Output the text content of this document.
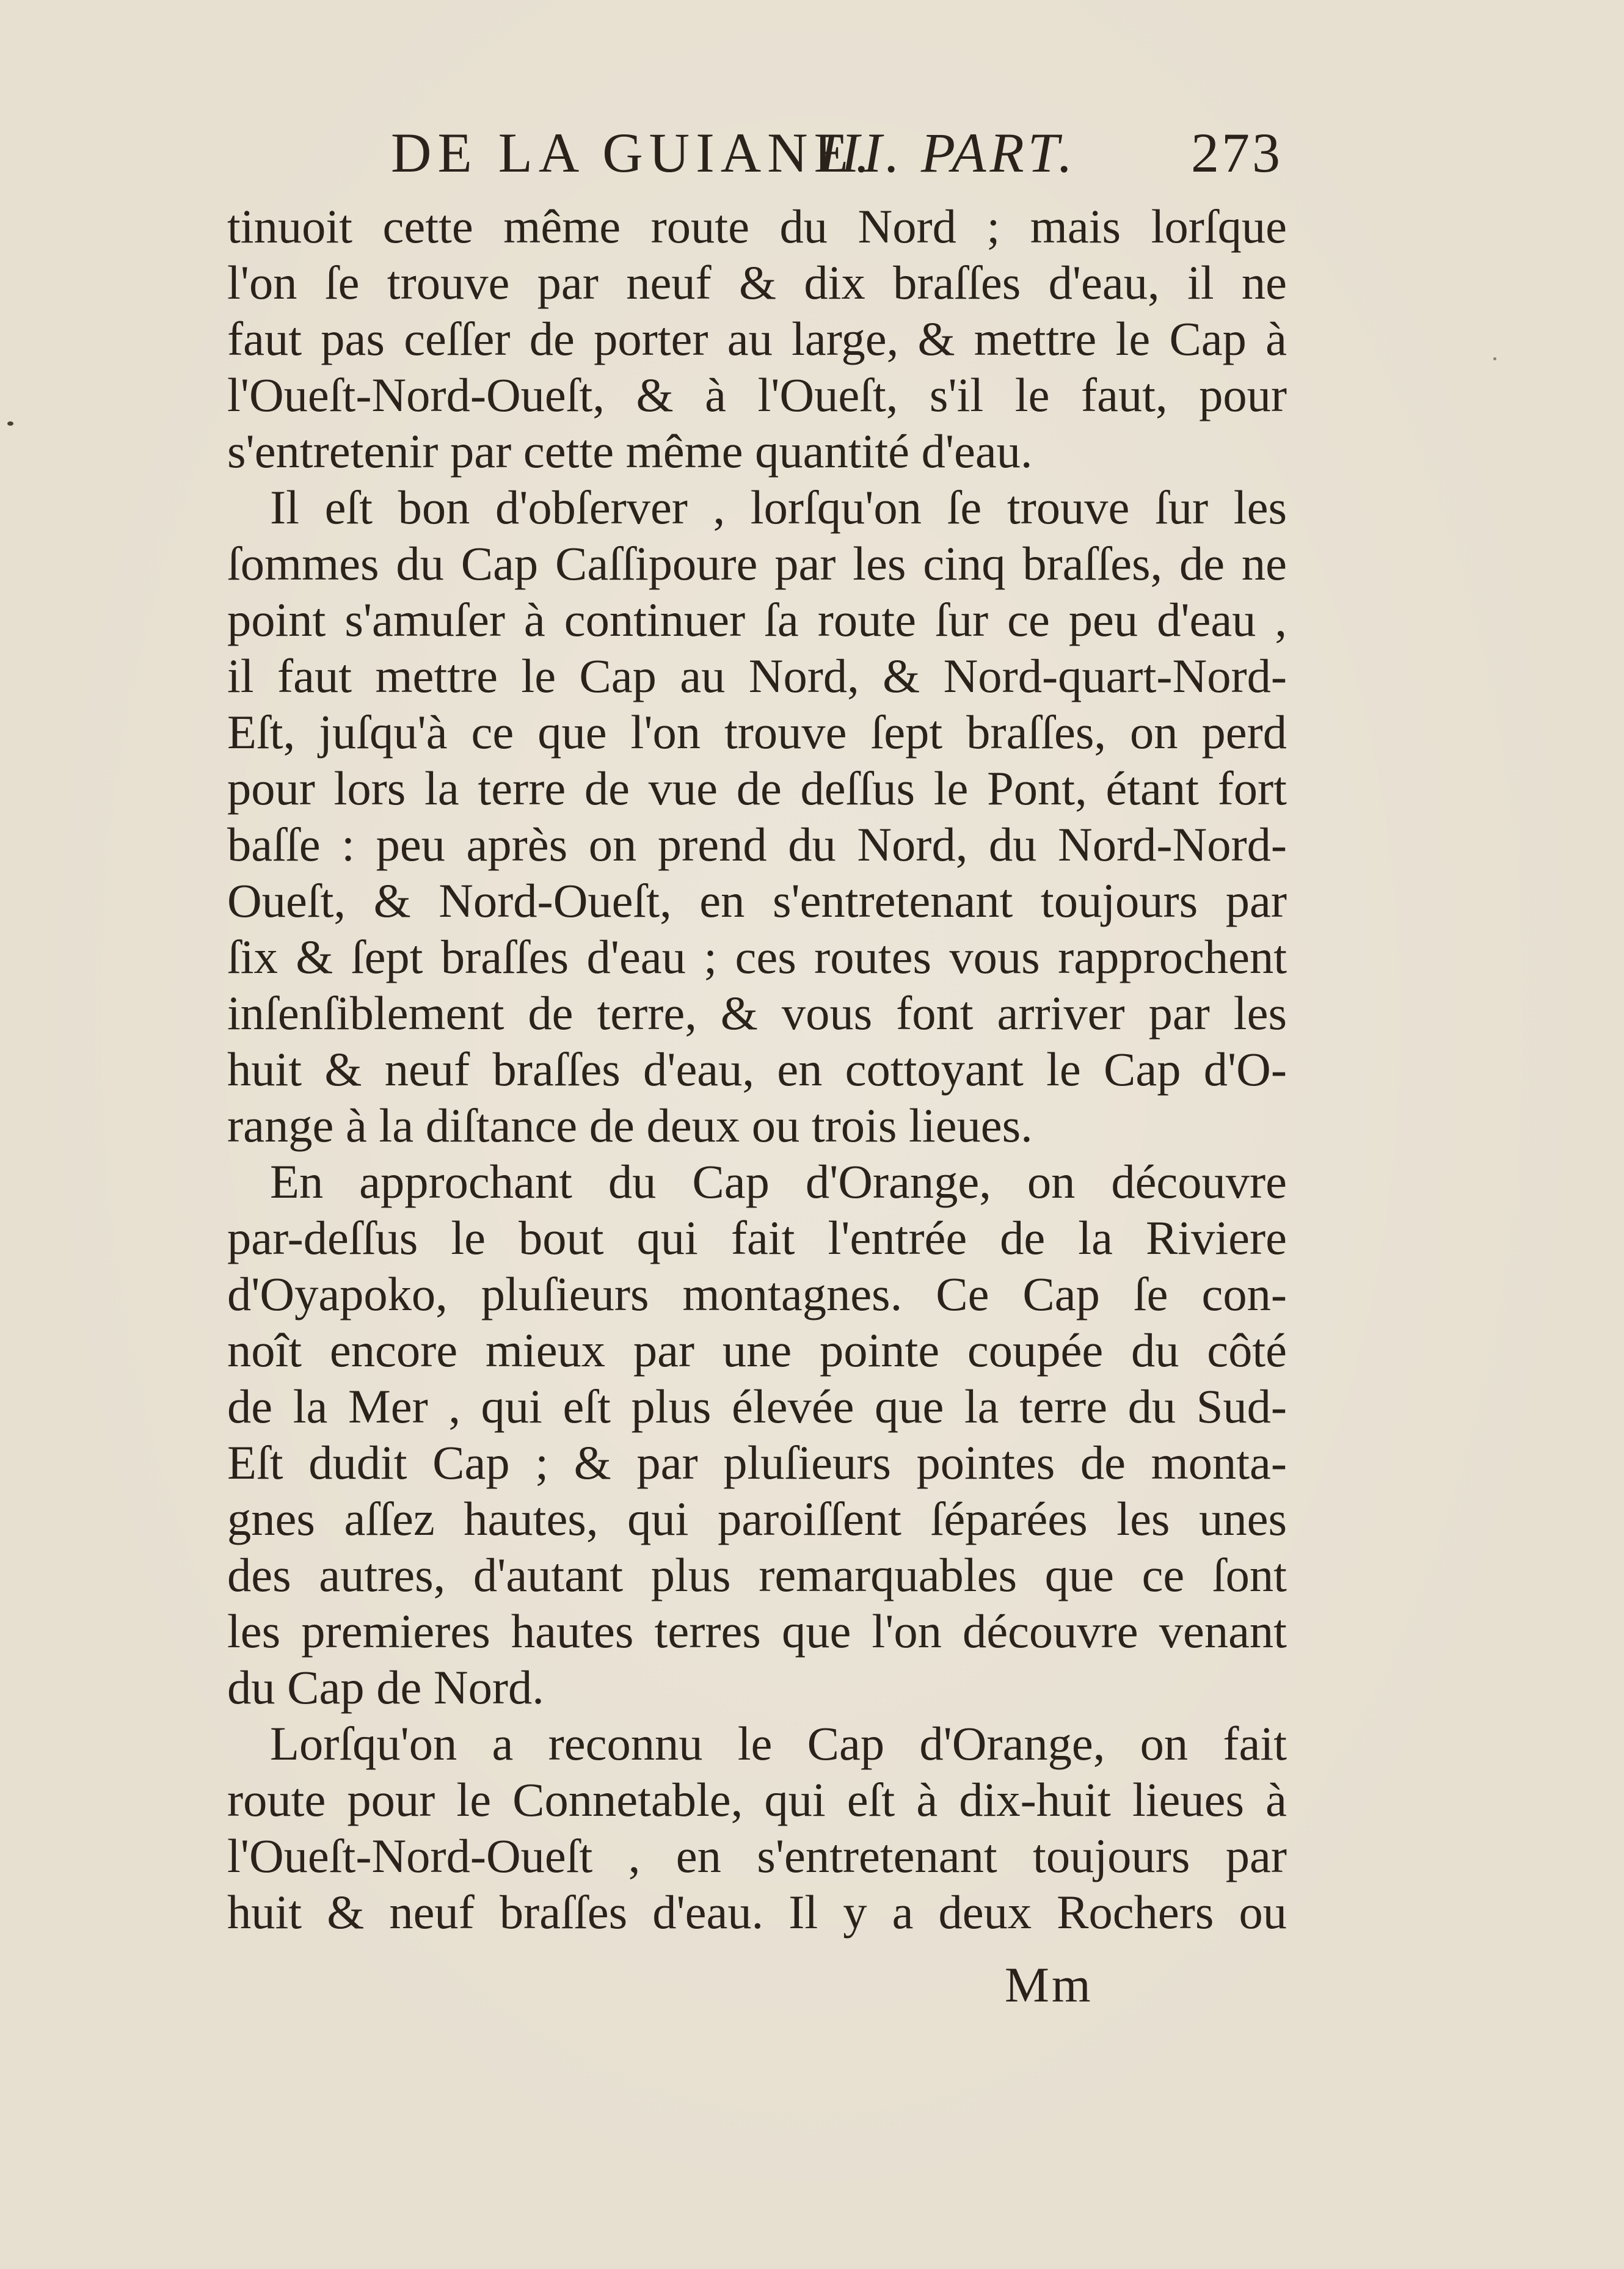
DE LA GUIANE.
III. PART. 273
tinuoit cette même route du Nord ; mais lorſque
l'on ſe trouve par neuf & dix braſſes d'eau, il ne
faut pas ceſſer de porter au large, & mettre le Cap à
l'Oueſt-Nord-Oueſt, & à l'Oueſt, s'il le faut, pour
s'entretenir par cette même quantité d'eau.
Il eſt bon d'obſerver , lorſqu'on ſe trouve ſur les
ſommes du Cap Caſſipoure par les cinq braſſes, de ne
point s'amuſer à continuer ſa route ſur ce peu d'eau ,
il faut mettre le Cap au Nord, & Nord-quart-Nord-
Eſt, juſqu'à ce que l'on trouve ſept braſſes, on perd
pour lors la terre de vue de deſſus le Pont, étant fort
baſſe : peu après on prend du Nord, du Nord-Nord-
Oueſt, & Nord-Oueſt, en s'entretenant toujours par
ſix & ſept braſſes d'eau ; ces routes vous rapprochent
inſenſiblement de terre, & vous font arriver par les
huit & neuf braſſes d'eau, en cottoyant le Cap d'O-
range à la diſtance de deux ou trois lieues.
En approchant du Cap d'Orange, on découvre
par-deſſus le bout qui fait l'entrée de la Riviere
d'Oyapoko, pluſieurs montagnes. Ce Cap ſe con-
noît encore mieux par une pointe coupée du côté
de la Mer , qui eſt plus élevée que la terre du Sud-
Eſt dudit Cap ; & par pluſieurs pointes de monta-
gnes aſſez hautes, qui paroiſſent ſéparées les unes
des autres, d'autant plus remarquables que ce ſont
les premieres hautes terres que l'on découvre venant
du Cap de Nord.
Lorſqu'on a reconnu le Cap d'Orange, on fait
route pour le Connetable, qui eſt à dix-huit lieues à
l'Oueſt-Nord-Oueſt , en s'entretenant toujours par
huit & neuf braſſes d'eau. Il y a deux Rochers ou
Mm
